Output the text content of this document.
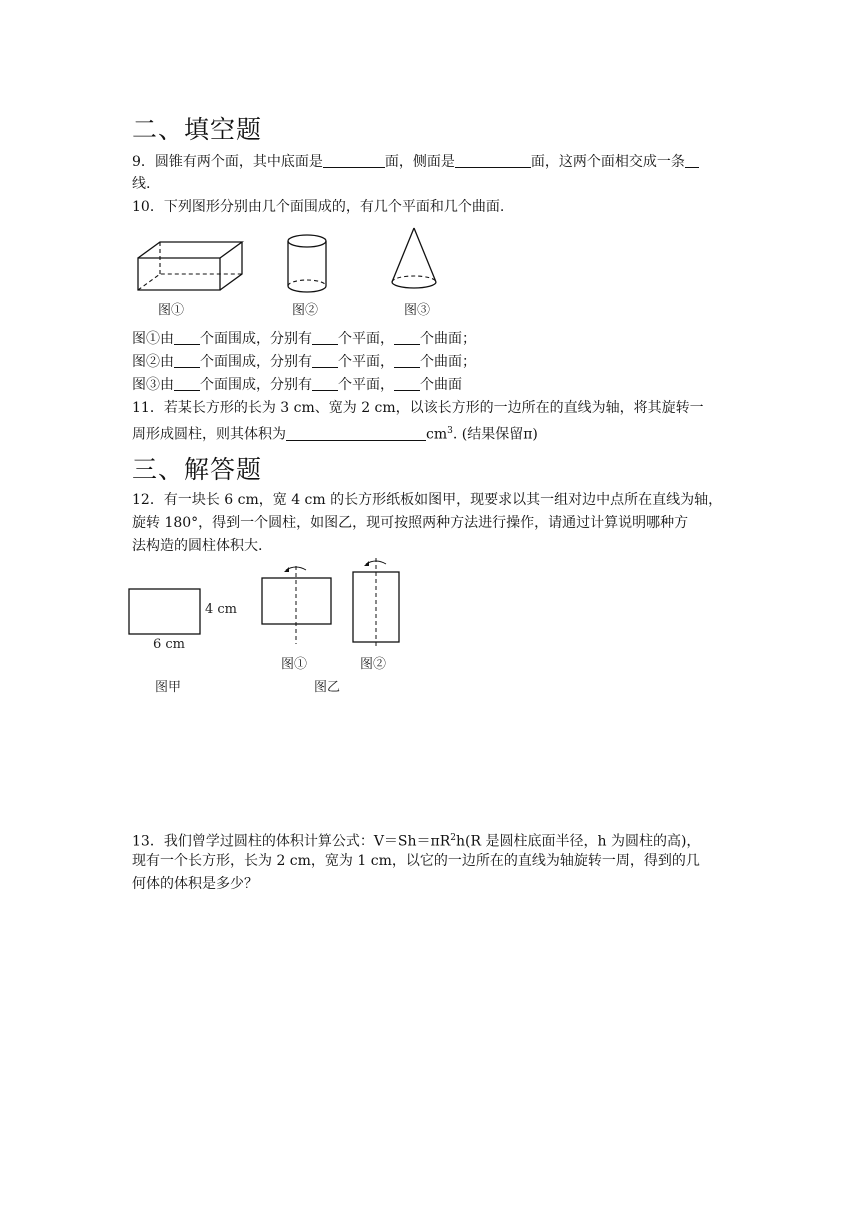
二、填空题
9．圆锥有两个面，其中底面是	面，侧面是	面，这两个面相交成一条
线.
10．下列图形分别由几个面围成的，有几个平面和几个曲面.
图①	图②	图③
图①由 个面围成，分别有 个平面， 个曲面；
图②由 个面围成，分别有 个平面， 个曲面；
图③由 个面围成，分别有 个平面， 个曲面
11．若某长方形的长为 3 cm、宽为 2 cm，以该长方形的一边所在的直线为轴，将其旋转一
周形成圆柱，则其体积为	$cm^3$. (结果保留π)
三、解答题
12．有一块长 6 cm，宽 4 cm 的长方形纸板如图甲，现要求以其一组对边中点所在直线为轴，
旋转 180°，得到一个圆柱，如图乙，现可按照两种方法进行操作，请通过计算说明哪种方
法构造的圆柱体积大.
4 cm
6 cm
图甲
图①	图②
图乙
13．我们曾学过圆柱的体积计算公式：$V=Sh=\pi R^2h(R$ 是圆柱底面半径，h 为圆柱的高)，
现有一个长方形，长为 2 cm，宽为 1 cm，以它的一边所在的直线为轴旋转一周，得到的几
何体的体积是多少？
